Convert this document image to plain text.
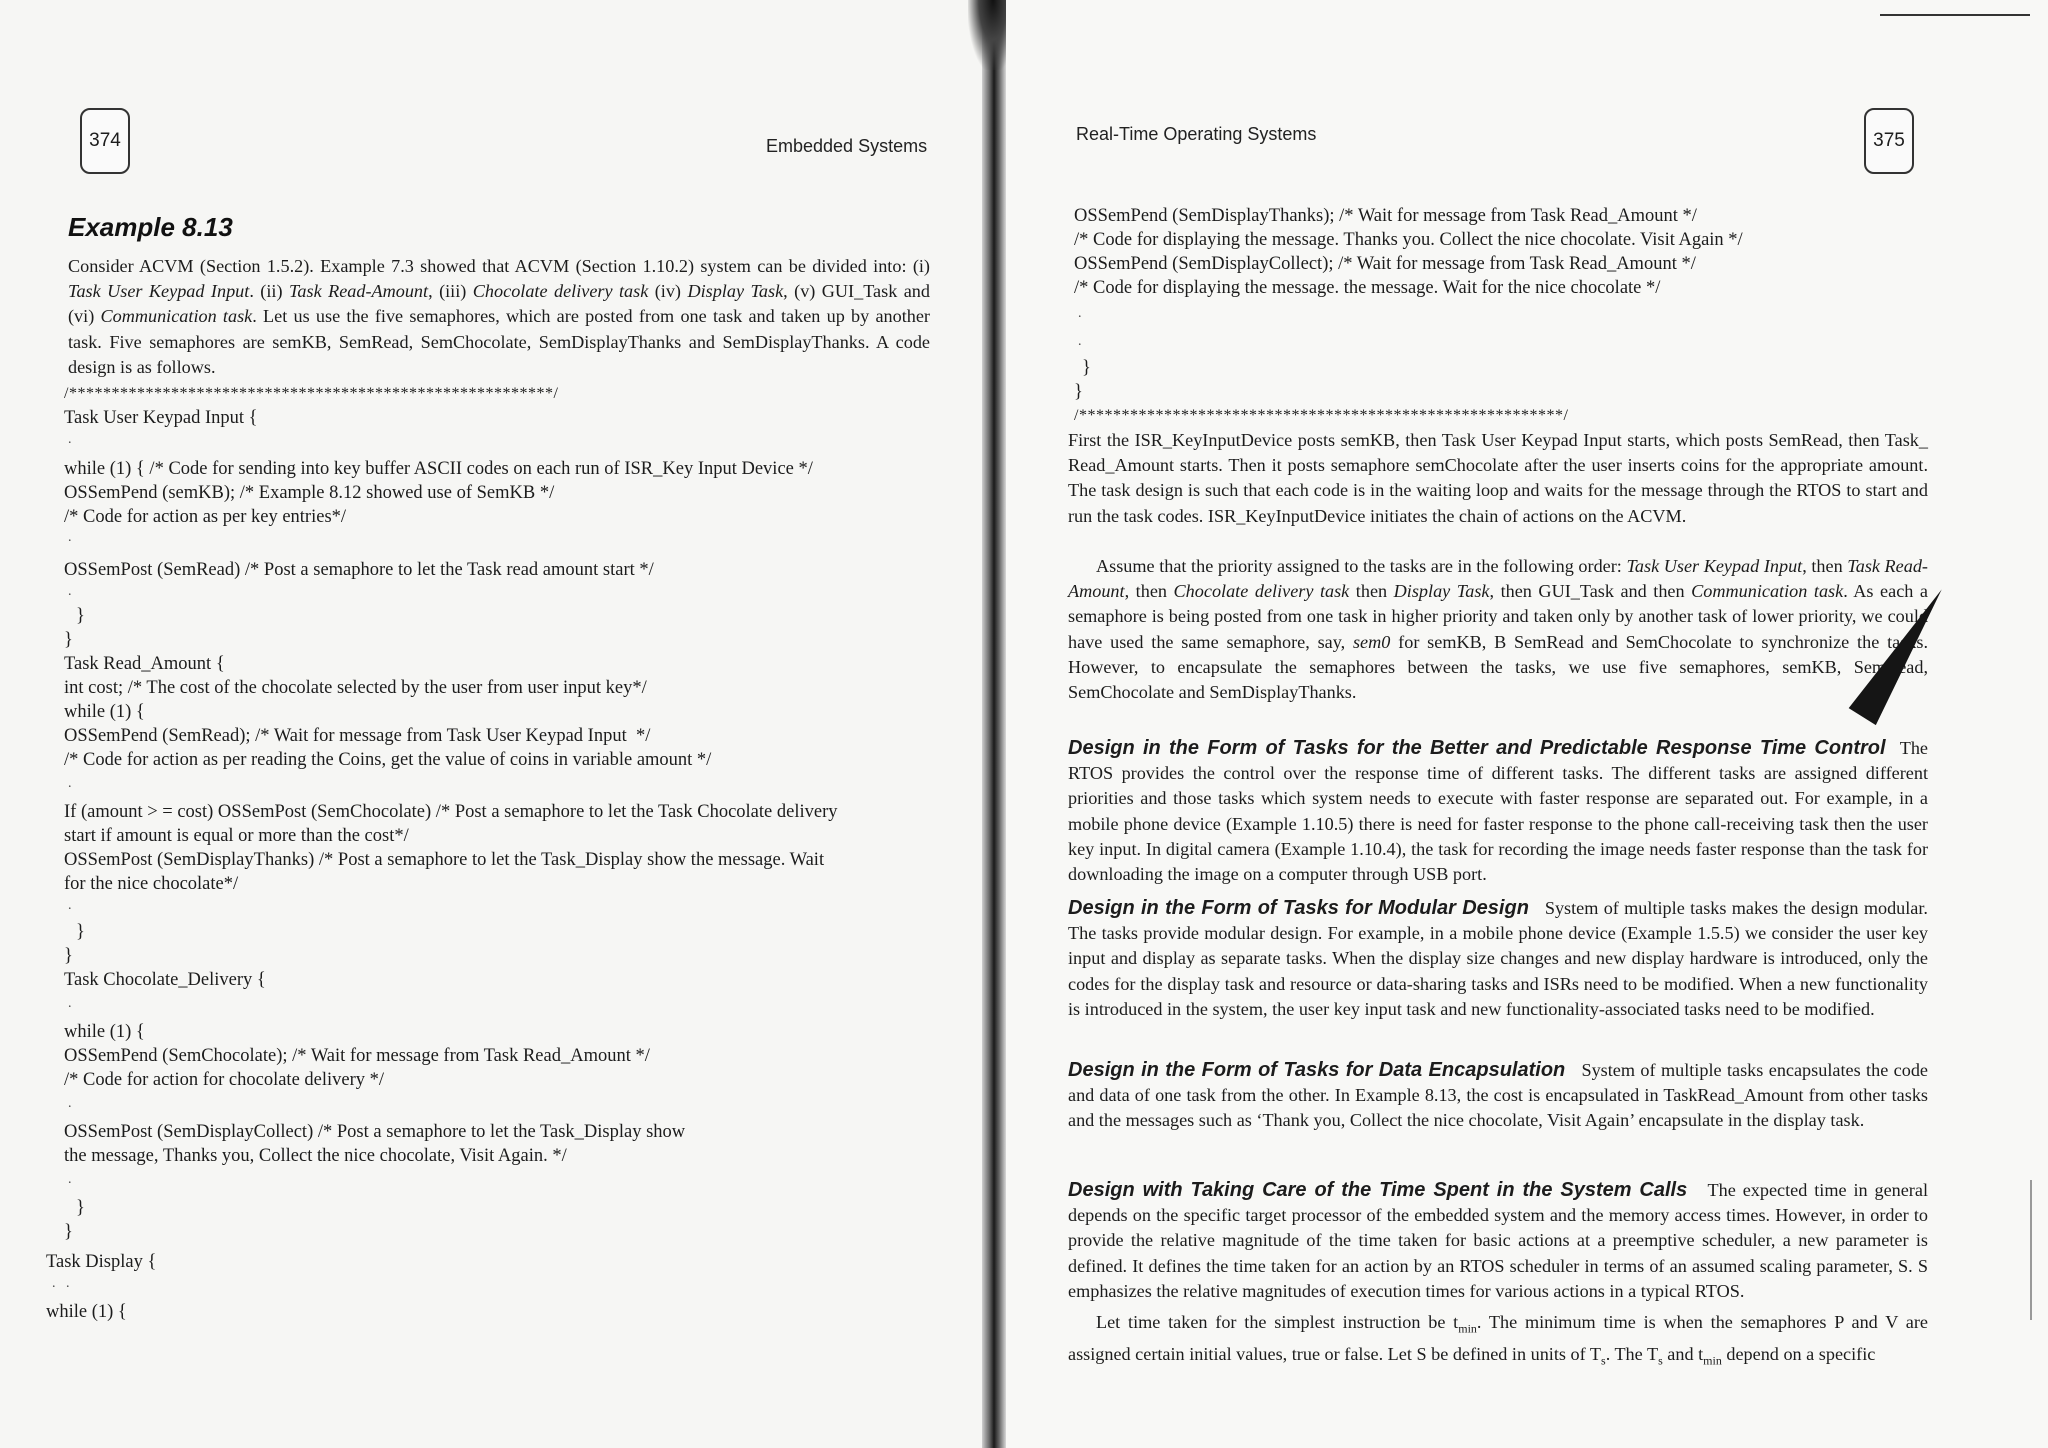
374	Embedded Systems
Example 8.13
Consider ACVM (Section 1.5.2). Example 7.3 showed that ACVM (Section 1.10.2) system can be divided into: (i) Task User Keypad Input. (ii) Task Read-Amount, (iii) Chocolate delivery task (iv) Display Task, (v) GUI_Task and (vi) Communication task. Let us use the five semaphores, which are posted from one task and taken up by another task. Five semaphores are semKB, SemRead, SemChocolate, SemDisplayThanks and SemDisplayThanks. A code design is as follows.
/*********************************************************/
Task User Keypad Input {
.
while (1) { /* Code for sending into key buffer ASCII codes on each run of ISR_Key Input Device */
OSSemPend (semKB); /* Example 8.12 showed use of SemKB */
/* Code for action as per key entries*/
.
OSSemPost (SemRead) /* Post a semaphore to let the Task read amount start */
.
}
}
Task Read_Amount {
int cost; /* The cost of the chocolate selected by the user from user input key*/
while (1) {
OSSemPend (SemRead); /* Wait for message from Task User Keypad Input  */
/* Code for action as per reading the Coins, get the value of coins in variable amount */
.
If (amount > = cost) OSSemPost (SemChocolate) /* Post a semaphore to let the Task Chocolate delivery
start if amount is equal or more than the cost*/
OSSemPost (SemDisplayThanks) /* Post a semaphore to let the Task_Display show the message. Wait
for the nice chocolate*/
.
}
}
Task Chocolate_Delivery {
.
while (1) {
OSSemPend (SemChocolate); /* Wait for message from Task Read_Amount */
/* Code for action for chocolate delivery */
.
OSSemPost (SemDisplayCollect) /* Post a semaphore to let the Task_Display show
the message, Thanks you, Collect the nice chocolate, Visit Again. */
.
}
}
Task Display {
.   .
while (1) {
Real-Time Operating Systems	375
OSSemPend (SemDisplayThanks); /* Wait for message from Task Read_Amount */
/* Code for displaying the message. Thanks you. Collect the nice chocolate. Visit Again */
OSSemPend (SemDisplayCollect); /* Wait for message from Task Read_Amount */
/* Code for displaying the message. the message. Wait for the nice chocolate */
.
.
}
}
/*********************************************************/
First the ISR_KeyInputDevice posts semKB, then Task User Keypad Input starts, which posts SemRead, then Task_ Read_Amount starts. Then it posts semaphore semChocolate after the user inserts coins for the appropriate amount. The task design is such that each code is in the waiting loop and waits for the message through the RTOS to start and run the task codes. ISR_KeyInputDevice initiates the chain of actions on the ACVM.
Assume that the priority assigned to the tasks are in the following order: Task User Keypad Input, then Task Read-Amount, then Chocolate delivery task then Display Task, then GUI_Task and then Communication task. As each a semaphore is being posted from one task in higher priority and taken only by another task of lower priority, we could have used the same semaphore, say, sem0 for semKB, B SemRead and SemChocolate to synchronize the tasks. However, to encapsulate the semaphores between the tasks, we use five semaphores, semKB, SemRead, SemChocolate and SemDisplayThanks.
Design in the Form of Tasks for the Better and Predictable Response Time Control  The RTOS provides the control over the response time of different tasks. The different tasks are assigned different priorities and those tasks which system needs to execute with faster response are separated out. For example, in a mobile phone device (Example 1.10.5) there is need for faster response to the phone call-receiving task then the user key input. In digital camera (Example 1.10.4), the task for recording the image needs faster response than the task for downloading the image on a computer through USB port.
Design in the Form of Tasks for Modular Design   System of multiple tasks makes the design modular. The tasks provide modular design. For example, in a mobile phone device (Example 1.5.5) we consider the user key input and display as separate tasks. When the display size changes and new display hardware is introduced, only the codes for the display task and resource or data-sharing tasks and ISRs need to be modified. When a new functionality is introduced in the system, the user key input task and new functionality-associated tasks need to be modified.
Design in the Form of Tasks for Data Encapsulation   System of multiple tasks encapsulates the code and data of one task from the other. In Example 8.13, the cost is encapsulated in TaskRead_Amount from other tasks and the messages such as ‘Thank you, Collect the nice chocolate, Visit Again’ encapsulate in the display task.
Design with Taking Care of the Time Spent in the System Calls   The expected time in general depends on the specific target processor of the embedded system and the memory access times. However, in order to provide the relative magnitude of the time taken for basic actions at a preemptive scheduler, a new parameter is defined. It defines the time taken for an action by an RTOS scheduler in terms of an assumed scaling parameter, S. S emphasizes the relative magnitudes of execution times for various actions in a typical RTOS.
Let time taken for the simplest instruction be $t_{min}$. The minimum time is when the semaphores P and V are assigned certain initial values, true or false. Let S be defined in units of $T_s$. The $T_s$ and $t_{min}$ depend on a specific
